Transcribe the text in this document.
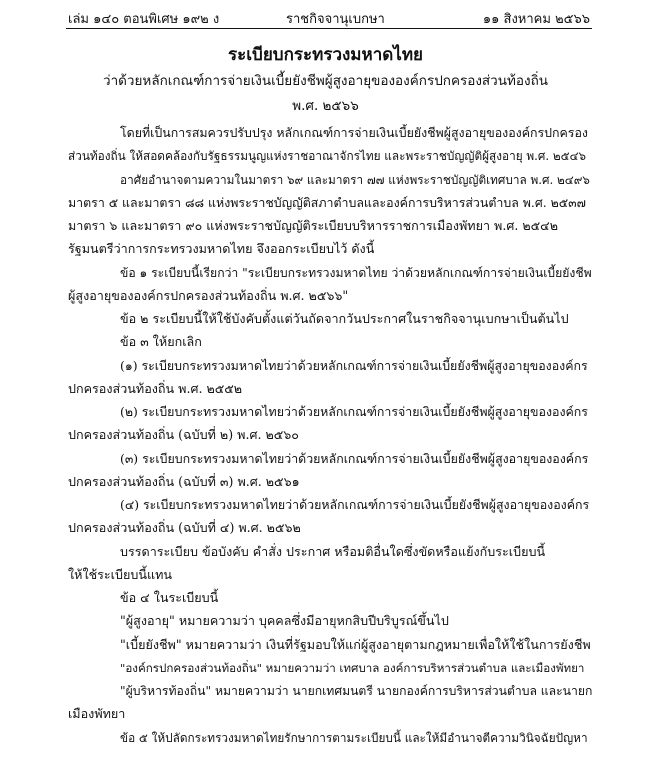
เล่ม ๑๔๐ ตอนพิเศษ ๑๙๒ ง	ราชกิจจานุเบกษา	๑๑ สิงหาคม ๒๕๖๖
ระเบียบกระทรวงมหาดไทย
ว่าด้วยหลักเกณฑ์การจ่ายเงินเบี้ยยังชีพผู้สูงอายุขององค์กรปกครองส่วนท้องถิ่น
พ.ศ. ๒๕๖๖
โดยที่เป็นการสมควรปรับปรุง หลักเกณฑ์การจ่ายเงินเบี้ยยังชีพผู้สูงอายุขององค์กรปกครอง
ส่วนท้องถิ่น ให้สอดคล้องกับรัฐธรรมนูญแห่งราชอาณาจักรไทย และพระราชบัญญัติผู้สูงอายุ พ.ศ. ๒๕๔๖
อาศัยอำนาจตามความในมาตรา ๖๙ และมาตรา ๗๗ แห่งพระราชบัญญัติเทศบาล พ.ศ. ๒๔๙๖
มาตรา ๕ และมาตรา ๘๘ แห่งพระราชบัญญัติสภาตำบลและองค์การบริหารส่วนตำบล พ.ศ. ๒๕๓๗
มาตรา ๖ และมาตรา ๙๐ แห่งพระราชบัญญัติระเบียบบริหารราชการเมืองพัทยา พ.ศ. ๒๕๔๒
รัฐมนตรีว่าการกระทรวงมหาดไทย จึงออกระเบียบไว้ ดังนี้
ข้อ ๑ ระเบียบนี้เรียกว่า "ระเบียบกระทรวงมหาดไทย ว่าด้วยหลักเกณฑ์การจ่ายเงินเบี้ยยังชีพ
ผู้สูงอายุขององค์กรปกครองส่วนท้องถิ่น พ.ศ. ๒๕๖๖"
ข้อ ๒ ระเบียบนี้ให้ใช้บังคับตั้งแต่วันถัดจากวันประกาศในราชกิจจานุเบกษาเป็นต้นไป
ข้อ ๓ ให้ยกเลิก
(๑) ระเบียบกระทรวงมหาดไทยว่าด้วยหลักเกณฑ์การจ่ายเงินเบี้ยยังชีพผู้สูงอายุขององค์กร
ปกครองส่วนท้องถิ่น พ.ศ. ๒๕๕๒
(๒) ระเบียบกระทรวงมหาดไทยว่าด้วยหลักเกณฑ์การจ่ายเงินเบี้ยยังชีพผู้สูงอายุขององค์กร
ปกครองส่วนท้องถิ่น (ฉบับที่ ๒) พ.ศ. ๒๕๖๐
(๓) ระเบียบกระทรวงมหาดไทยว่าด้วยหลักเกณฑ์การจ่ายเงินเบี้ยยังชีพผู้สูงอายุขององค์กร
ปกครองส่วนท้องถิ่น (ฉบับที่ ๓) พ.ศ. ๒๕๖๑
(๔) ระเบียบกระทรวงมหาดไทยว่าด้วยหลักเกณฑ์การจ่ายเงินเบี้ยยังชีพผู้สูงอายุขององค์กร
ปกครองส่วนท้องถิ่น (ฉบับที่ ๔) พ.ศ. ๒๕๖๒
บรรดาระเบียบ ข้อบังคับ คำสั่ง ประกาศ หรือมติอื่นใดซึ่งขัดหรือแย้งกับระเบียบนี้
ให้ใช้ระเบียบนี้แทน
ข้อ ๔ ในระเบียบนี้
"ผู้สูงอายุ" หมายความว่า บุคคลซึ่งมีอายุหกสิบปีบริบูรณ์ขึ้นไป
"เบี้ยยังชีพ" หมายความว่า เงินที่รัฐมอบให้แก่ผู้สูงอายุตามกฎหมายเพื่อให้ใช้ในการยังชีพ
"องค์กรปกครองส่วนท้องถิ่น" หมายความว่า เทศบาล องค์การบริหารส่วนตำบล และเมืองพัทยา
"ผู้บริหารท้องถิ่น" หมายความว่า นายกเทศมนตรี นายกองค์การบริหารส่วนตำบล และนายก
เมืองพัทยา
ข้อ ๕ ให้ปลัดกระทรวงมหาดไทยรักษาการตามระเบียบนี้ และให้มีอำนาจตีความวินิจฉัยปัญหา
